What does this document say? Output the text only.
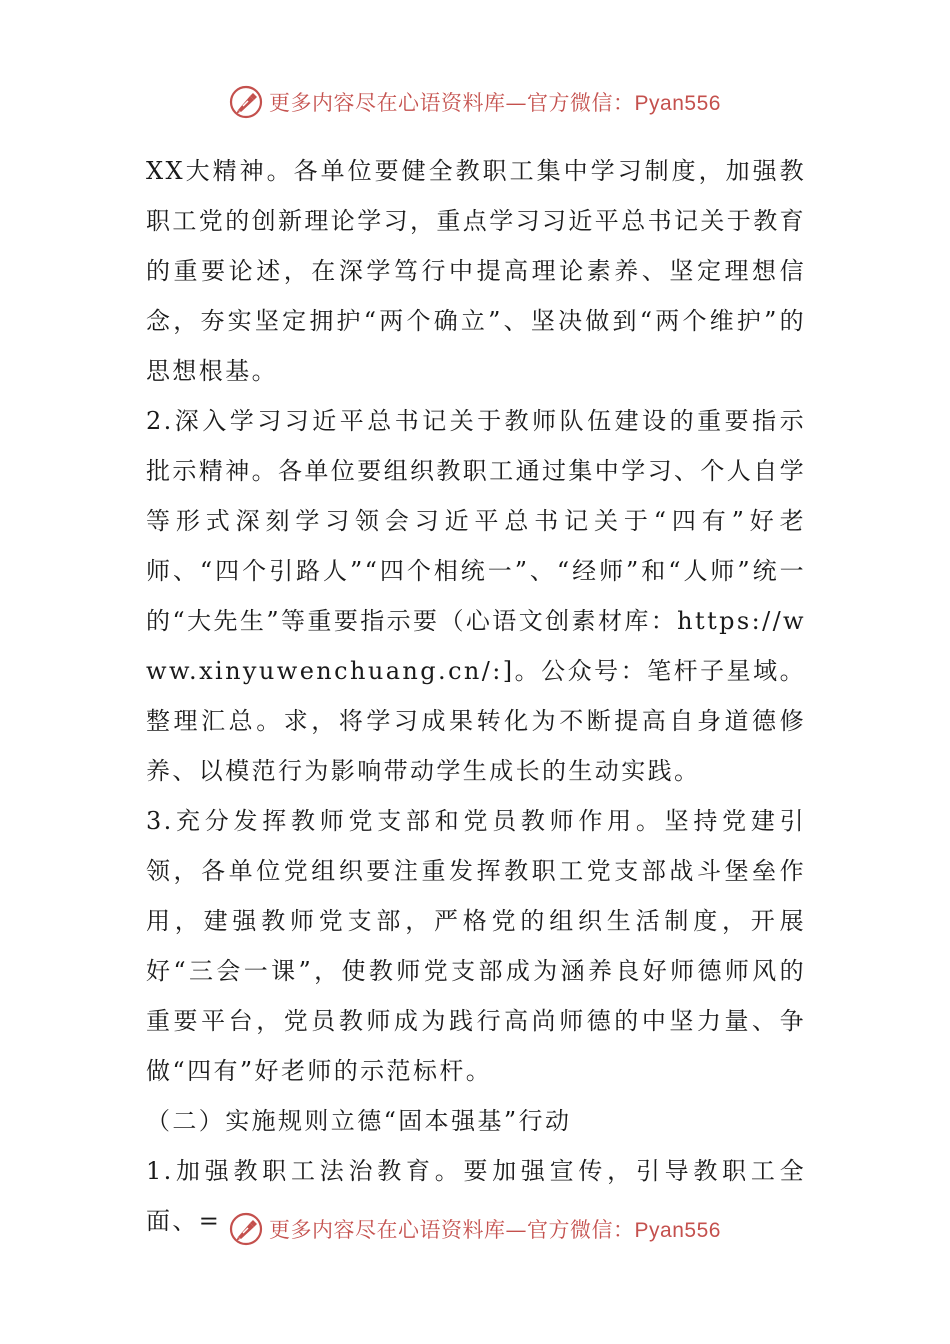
更多内容尽在心语资料库—官方微信：Pyan556

XX大精神。各单位要健全教职工集中学习制度，加强教职工党的创新理论学习，重点学习习近平总书记关于教育的重要论述，在深学笃行中提高理论素养、坚定理想信念，夯实坚定拥护“两个确立”、坚决做到“两个维护”的思想根基。

2.深入学习习近平总书记关于教师队伍建设的重要指示批示精神。各单位要组织教职工通过集中学习、个人自学等形式深刻学习领会习近平总书记关于“四有”好老师、“四个引路人”“四个相统一”、“经师”和“人师”统一的“大先生”等重要指示要（心语文创素材库：https://www.xinyuwenchuang.cn/:]。公众号：笔杆子星域。整理汇总。求，将学习成果转化为不断提高自身道德修养、以模范行为影响带动学生成长的生动实践。

3.充分发挥教师党支部和党员教师作用。坚持党建引领，各单位党组织要注重发挥教职工党支部战斗堡垒作用，建强教师党支部，严格党的组织生活制度，开展好“三会一课”，使教师党支部成为涵养良好师德师风的重要平台，党员教师成为践行高尚师德的中坚力量、争做“四有”好老师的示范标杆。

（二）实施规则立德“固本强基”行动

1.加强教职工法治教育。要加强宣传，引导教职工全面、=	更多内容尽在心语资料库—官方微信：Pyan556
